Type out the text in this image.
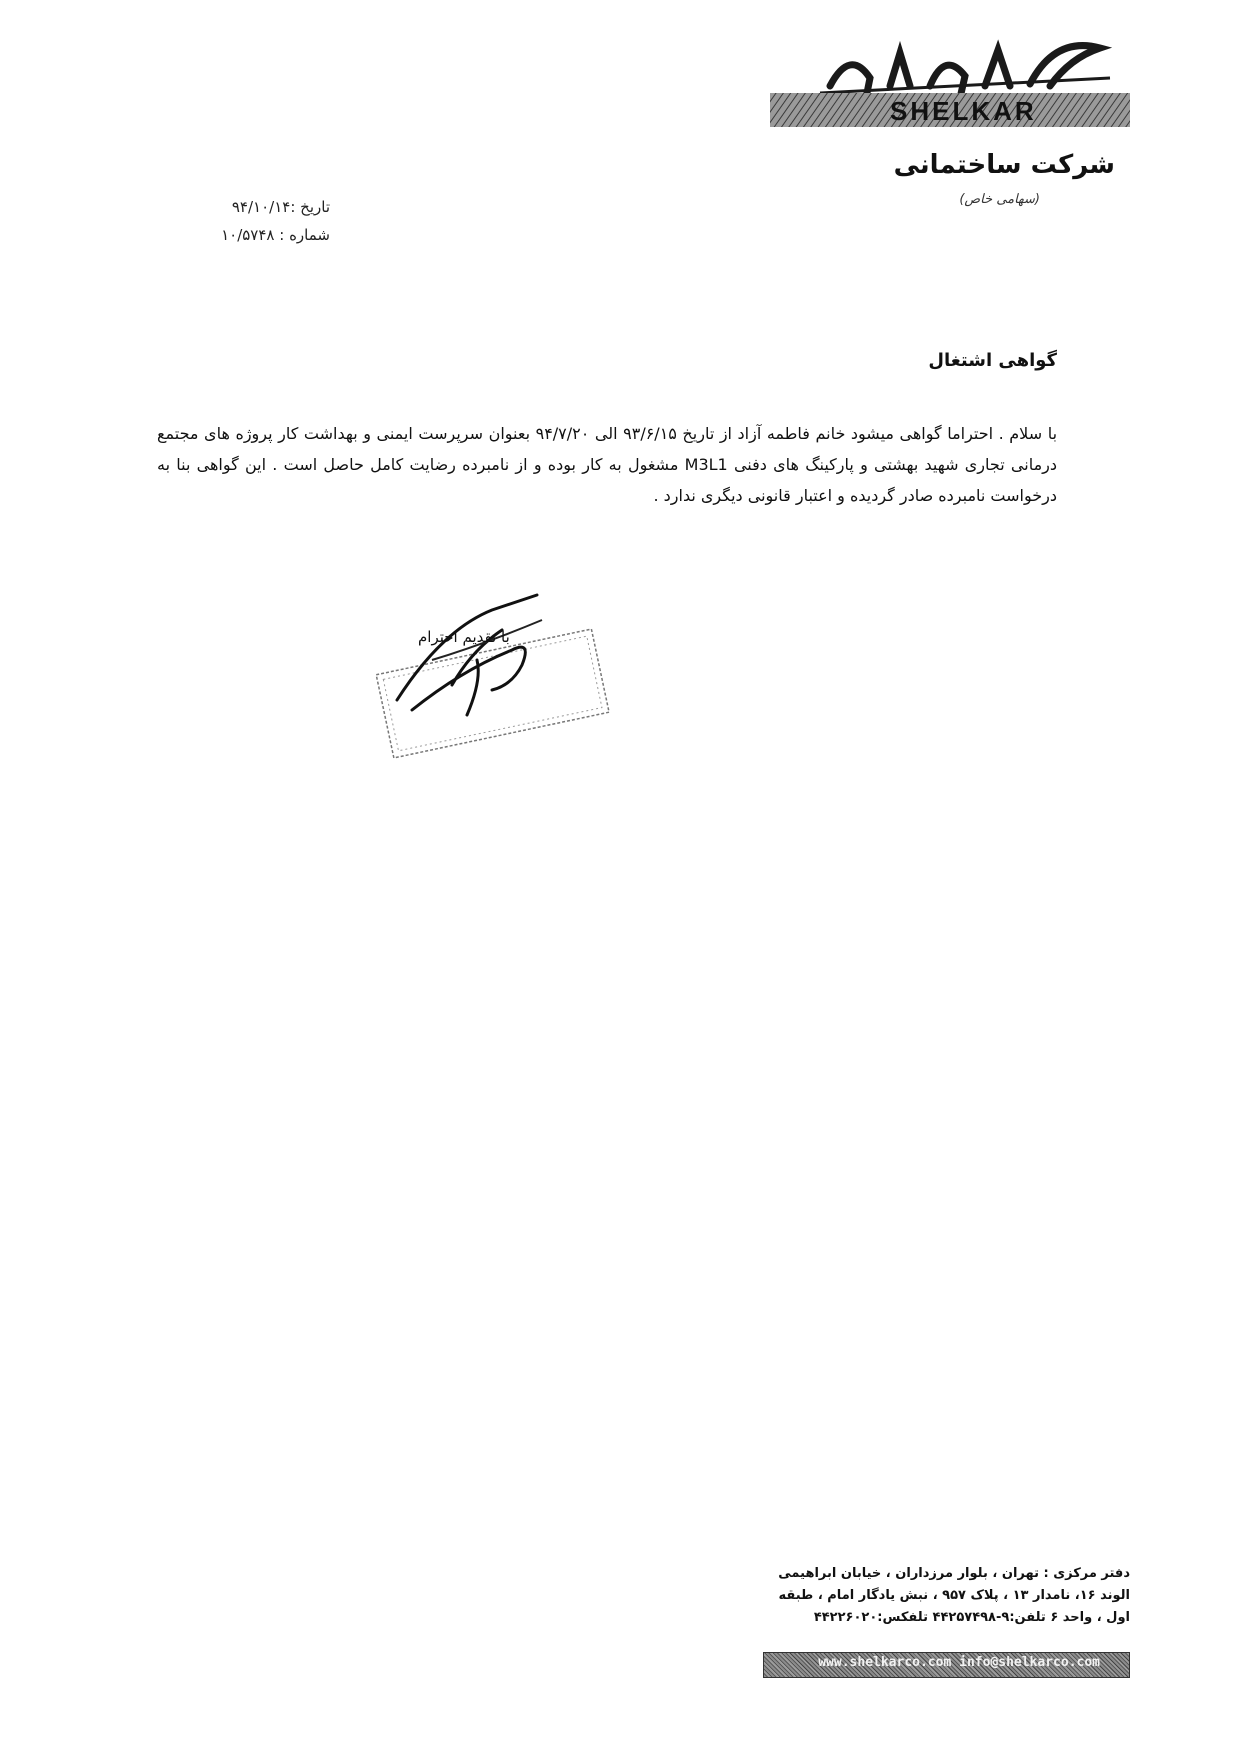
SHELKAR
شرکت ساختمانی
(سهامی خاص)
تاریخ :۹۴/۱۰/۱۴
شماره : ۱۰/۵۷۴۸
گواهی اشتغال

با سلام . احتراما گواهی میشود خانم فاطمه آزاد از تاریخ ۹۳/۶/۱۵ الی ۹۴/۷/۲۰ بعنوان سرپرست ایمنی و بهداشت کار پروژه های مجتمع درمانی تجاری شهید بهشتی و پارکینگ های دفنی M3L1 مشغول به کار بوده و از نامبرده رضایت کامل حاصل است . این گواهی بنا به درخواست نامبرده صادر گردیده و اعتبار قانونی دیگری ندارد .

با تقدیم احترام
دفتر مرکزی : تهران ، بلوار مرزداران ، خیابان ابراهیمی
الوند ۱۶، نامدار ۱۳ ، پلاک ۹۵۷ ، نبش یادگار امام ، طبقه
اول ، واحد ۶ تلفن:۹-۴۴۲۵۷۴۹۸ تلفکس:۴۴۲۲۶۰۲۰
www.shelkarco.com info@shelkarco.com
